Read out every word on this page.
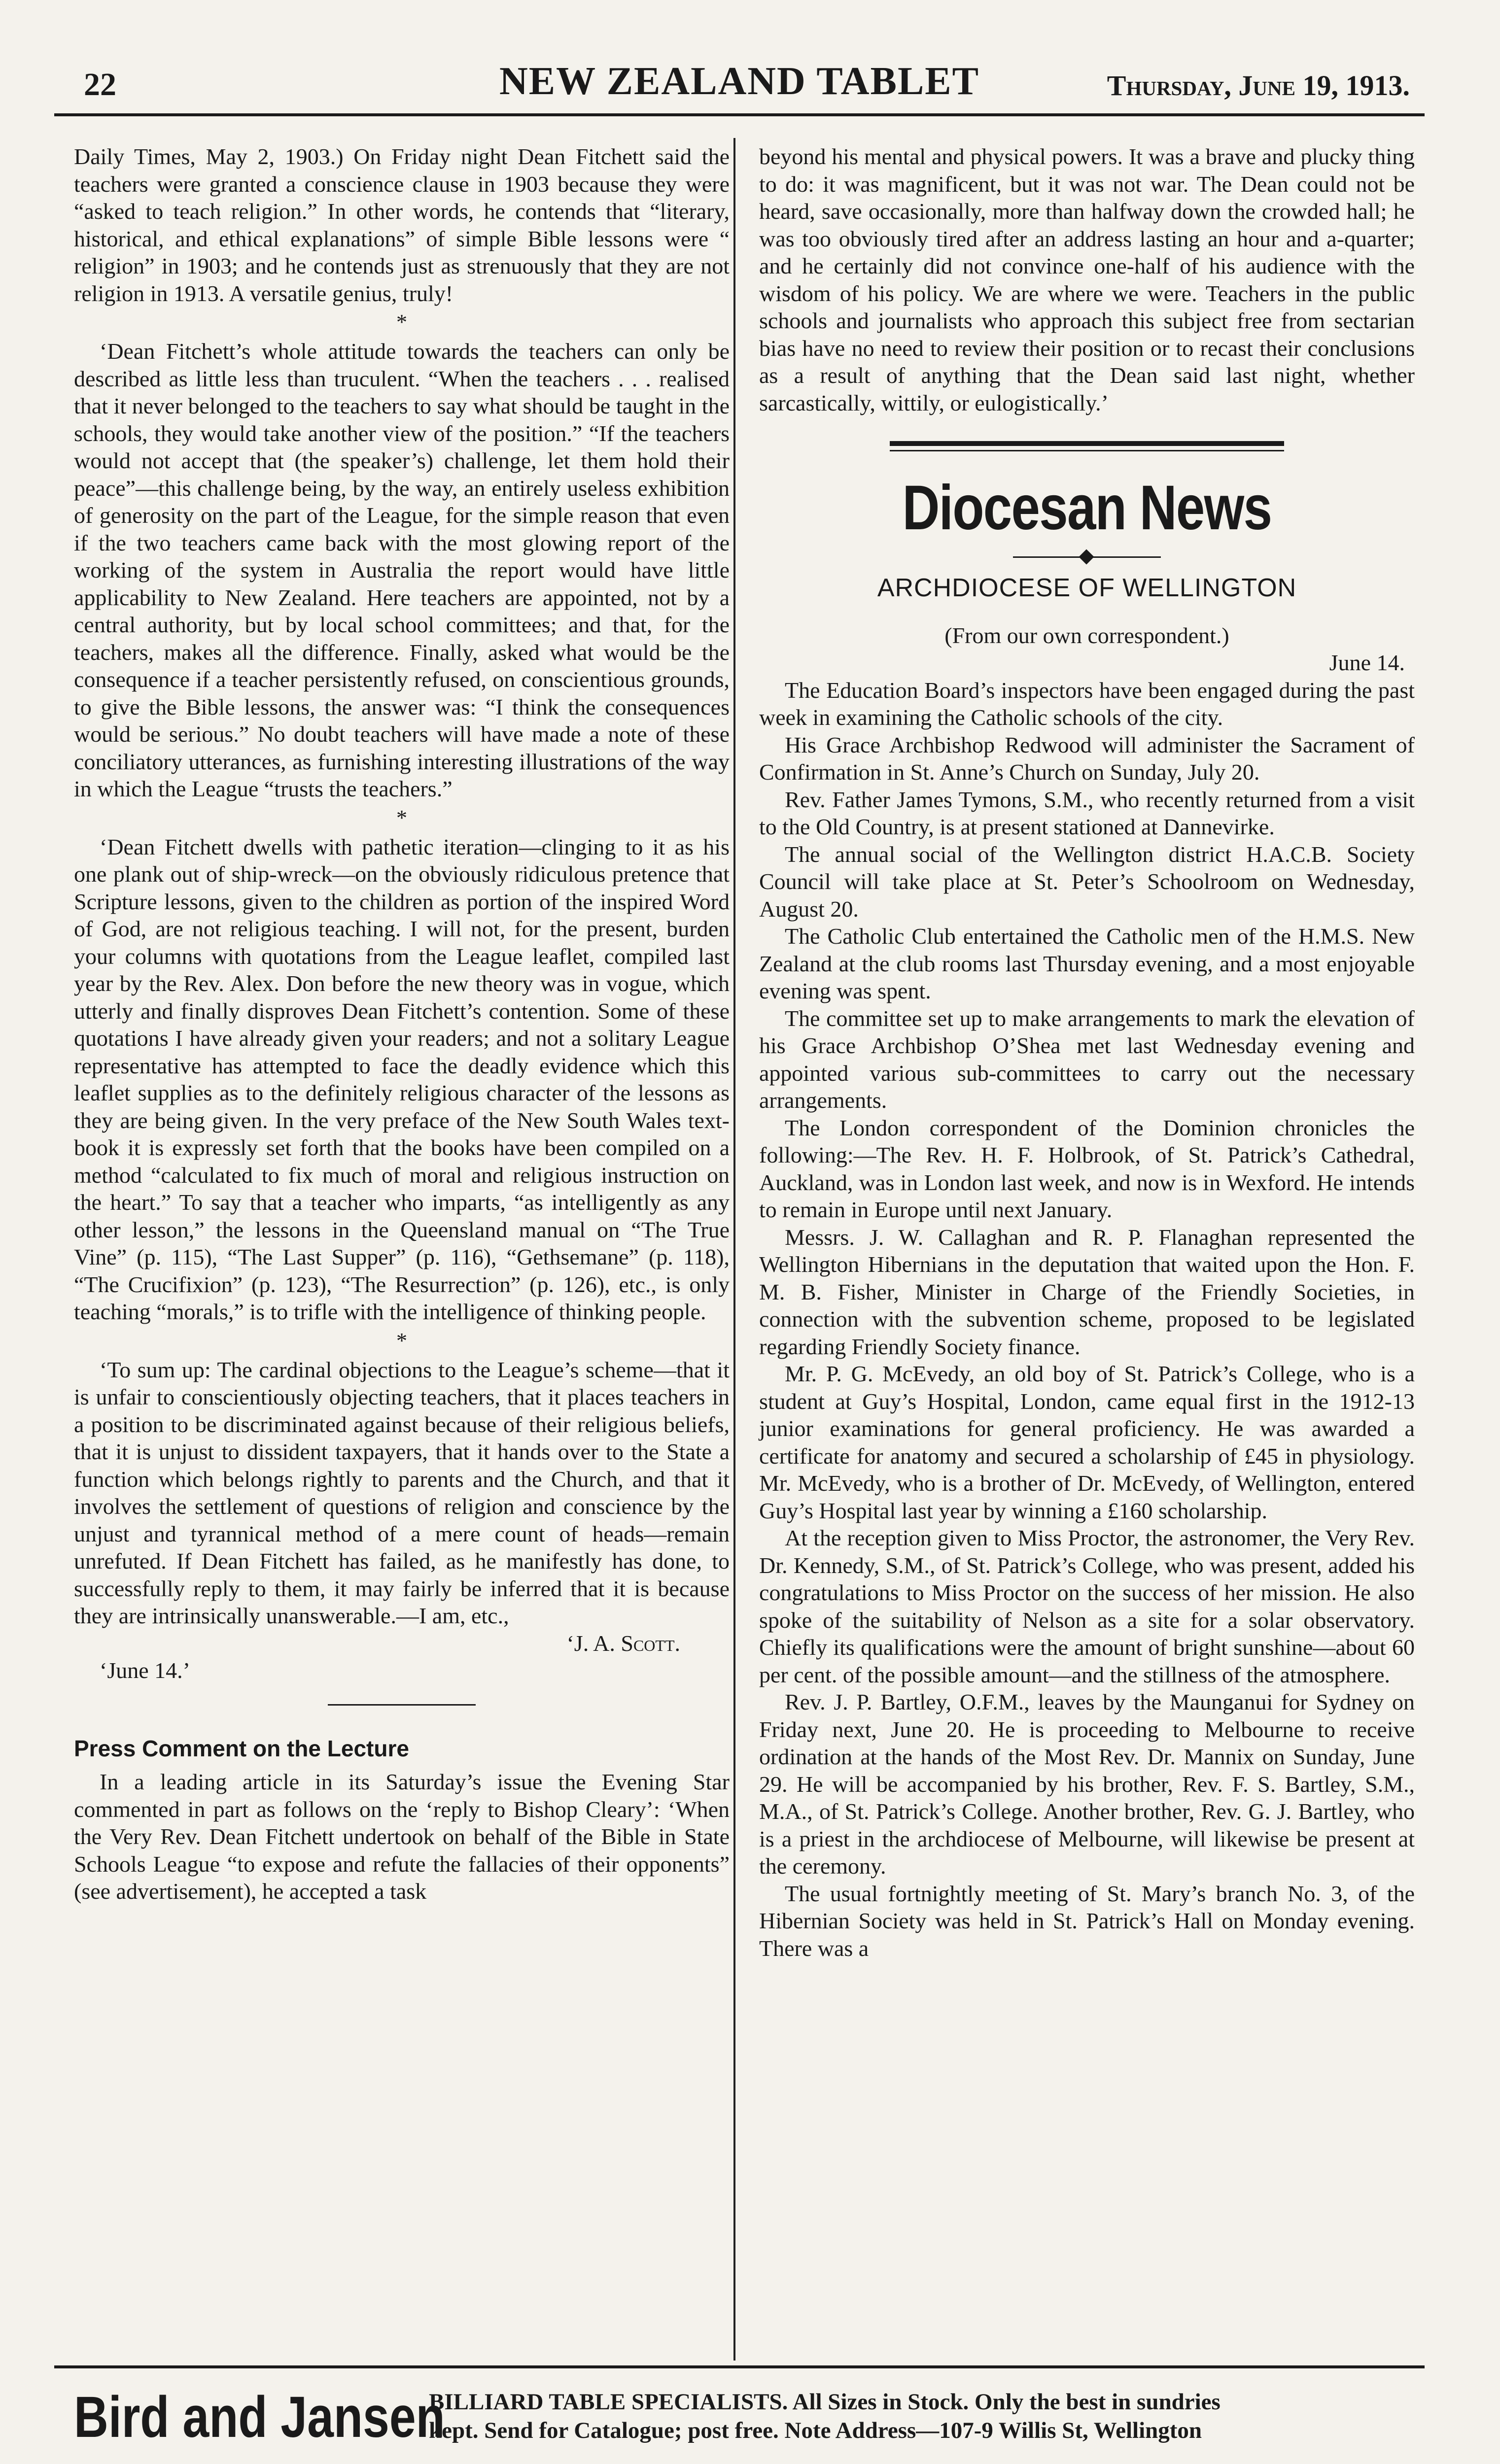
22	NEW ZEALAND TABLET	Thursday, June 19, 1913.

Daily Times, May 2, 1903.) On Friday night Dean Fitchett said the teachers were granted a conscience clause in 1903 because they were “asked to teach religion.” In other words, he contends that “literary, historical, and ethical explanations” of simple Bible lessons were “ religion” in 1903; and he contends just as strenuously that they are not religion in 1913. A versatile genius, truly!

*

‘Dean Fitchett’s whole attitude towards the teachers can only be described as little less than truculent. “When the teachers . . . realised that it never belonged to the teachers to say what should be taught in the schools, they would take another view of the position.” “If the teachers would not accept that (the speaker’s) challenge, let them hold their peace”—this challenge being, by the way, an entirely useless exhibition of generosity on the part of the League, for the simple reason that even if the two teachers came back with the most glowing report of the working of the system in Australia the report would have little applicability to New Zealand. Here teachers are appointed, not by a central authority, but by local school committees; and that, for the teachers, makes all the difference. Finally, asked what would be the consequence if a teacher persistently refused, on conscientious grounds, to give the Bible lessons, the answer was: “I think the consequences would be serious.” No doubt teachers will have made a note of these conciliatory utterances, as furnishing interesting illustrations of the way in which the League “trusts the teachers.”

*

‘Dean Fitchett dwells with pathetic iteration—clinging to it as his one plank out of ship-wreck—on the obviously ridiculous pretence that Scripture lessons, given to the children as portion of the inspired Word of God, are not religious teaching. I will not, for the present, burden your columns with quotations from the League leaflet, compiled last year by the Rev. Alex. Don before the new theory was in vogue, which utterly and finally disproves Dean Fitchett’s contention. Some of these quotations I have already given your readers; and not a solitary League representative has attempted to face the deadly evidence which this leaflet supplies as to the definitely religious character of the lessons as they are being given. In the very preface of the New South Wales text-book it is expressly set forth that the books have been compiled on a method “calculated to fix much of moral and religious instruction on the heart.” To say that a teacher who imparts, “as intelligently as any other lesson,” the lessons in the Queensland manual on “The True Vine” (p. 115), “The Last Supper” (p. 116), “Gethsemane” (p. 118), “The Crucifixion” (p. 123), “The Resurrection” (p. 126), etc., is only teaching “morals,” is to trifle with the intelligence of thinking people.

*

‘To sum up: The cardinal objections to the League’s scheme—that it is unfair to conscientiously objecting teachers, that it places teachers in a position to be discriminated against because of their religious beliefs, that it is unjust to dissident taxpayers, that it hands over to the State a function which belongs rightly to parents and the Church, and that it involves the settlement of questions of religion and conscience by the unjust and tyrannical method of a mere count of heads—remain unrefuted. If Dean Fitchett has failed, as he manifestly has done, to successfully reply to them, it may fairly be inferred that it is because they are intrinsically unanswerable.—I am, etc.,

‘J. A. Scott.

‘June 14.’

Press Comment on the Lecture

In a leading article in its Saturday’s issue the Evening Star commented in part as follows on the ‘reply to Bishop Cleary’: ‘When the Very Rev. Dean Fitchett undertook on behalf of the Bible in State Schools League “to expose and refute the fallacies of their opponents” (see advertisement), he accepted a task

beyond his mental and physical powers. It was a brave and plucky thing to do: it was magnificent, but it was not war. The Dean could not be heard, save occasionally, more than halfway down the crowded hall; he was too obviously tired after an address lasting an hour and a-quarter; and he certainly did not convince one-half of his audience with the wisdom of his policy. We are where we were. Teachers in the public schools and journalists who approach this subject free from sectarian bias have no need to review their position or to recast their conclusions as a result of anything that the Dean said last night, whether sarcastically, wittily, or eulogistically.’

Diocesan News
ARCHDIOCESE OF WELLINGTON

(From our own correspondent.)

June 14.

The Education Board’s inspectors have been engaged during the past week in examining the Catholic schools of the city.

His Grace Archbishop Redwood will administer the Sacrament of Confirmation in St. Anne’s Church on Sunday, July 20.

Rev. Father James Tymons, S.M., who recently returned from a visit to the Old Country, is at present stationed at Dannevirke.

The annual social of the Wellington district H.A.C.B. Society Council will take place at St. Peter’s Schoolroom on Wednesday, August 20.

The Catholic Club entertained the Catholic men of the H.M.S. New Zealand at the club rooms last Thursday evening, and a most enjoyable evening was spent.

The committee set up to make arrangements to mark the elevation of his Grace Archbishop O’Shea met last Wednesday evening and appointed various sub-committees to carry out the necessary arrangements.

The London correspondent of the Dominion chronicles the following:—The Rev. H. F. Holbrook, of St. Patrick’s Cathedral, Auckland, was in London last week, and now is in Wexford. He intends to remain in Europe until next January.

Messrs. J. W. Callaghan and R. P. Flanaghan represented the Wellington Hibernians in the deputation that waited upon the Hon. F. M. B. Fisher, Minister in Charge of the Friendly Societies, in connection with the subvention scheme, proposed to be legislated regarding Friendly Society finance.

Mr. P. G. McEvedy, an old boy of St. Patrick’s College, who is a student at Guy’s Hospital, London, came equal first in the 1912-13 junior examinations for general proficiency. He was awarded a certificate for anatomy and secured a scholarship of £45 in physiology. Mr. McEvedy, who is a brother of Dr. McEvedy, of Wellington, entered Guy’s Hospital last year by winning a £160 scholarship.

At the reception given to Miss Proctor, the astronomer, the Very Rev. Dr. Kennedy, S.M., of St. Patrick’s College, who was present, added his congratulations to Miss Proctor on the success of her mission. He also spoke of the suitability of Nelson as a site for a solar observatory. Chiefly its qualifications were the amount of bright sunshine—about 60 per cent. of the possible amount—and the stillness of the atmosphere.

Rev. J. P. Bartley, O.F.M., leaves by the Maunganui for Sydney on Friday next, June 20. He is proceeding to Melbourne to receive ordination at the hands of the Most Rev. Dr. Mannix on Sunday, June 29. He will be accompanied by his brother, Rev. F. S. Bartley, S.M., M.A., of St. Patrick’s College. Another brother, Rev. G. J. Bartley, who is a priest in the archdiocese of Melbourne, will likewise be present at the ceremony.

The usual fortnightly meeting of St. Mary’s branch No. 3, of the Hibernian Society was held in St. Patrick’s Hall on Monday evening. There was a

Bird and Jansen
BILLIARD TABLE SPECIALISTS. All Sizes in Stock. Only the best in sundries
kept. Send for Catalogue; post free. Note Address—107-9 Willis St, Wellington
